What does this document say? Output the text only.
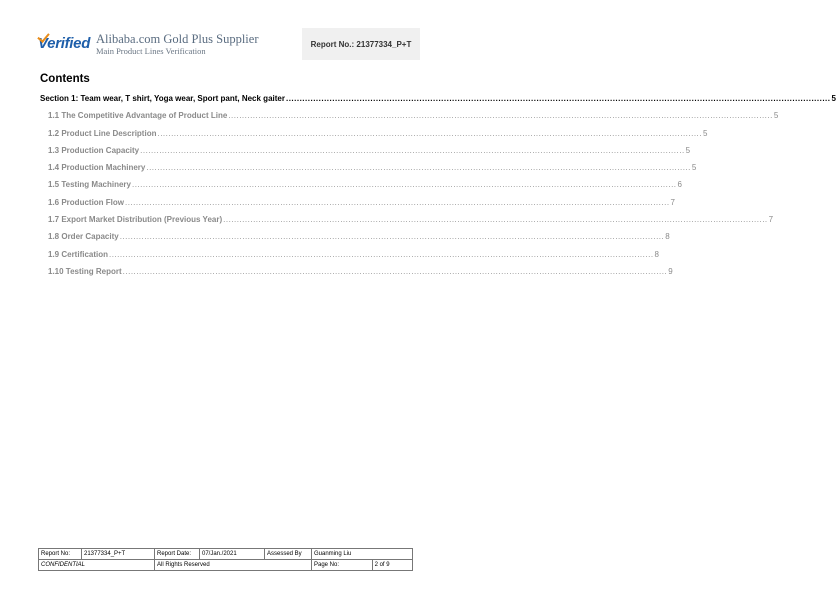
Verified Alibaba.com Gold Plus Supplier
Main Product Lines Verification
Report No.: 21377334_P+T
Contents
Section 1: Team wear, T shirt, Yoga wear, Sport pant, Neck gaiter ........................................................................................................................................................................................................ 5
1.1 The Competitive Advantage of Product Line ........................................................................................................................................................................................................ 5
1.2 Product Line Description ........................................................................................................................................................................................................ 5
1.3 Production Capacity ........................................................................................................................................................................................................ 5
1.4 Production Machinery ........................................................................................................................................................................................................ 5
1.5 Testing Machinery ........................................................................................................................................................................................................ 6
1.6 Production Flow ........................................................................................................................................................................................................ 7
1.7 Export Market Distribution (Previous Year) ........................................................................................................................................................................................................ 7
1.8 Order Capacity ........................................................................................................................................................................................................ 8
1.9 Certification ........................................................................................................................................................................................................ 8
1.10 Testing Report ........................................................................................................................................................................................................ 9
Report No:	21377334_P+T	Report Date:	07/Jan./2021	Assessed By	Guanming Liu	
CONFIDENTIAL		All Rights Reserved			Page No:	2 of 9
